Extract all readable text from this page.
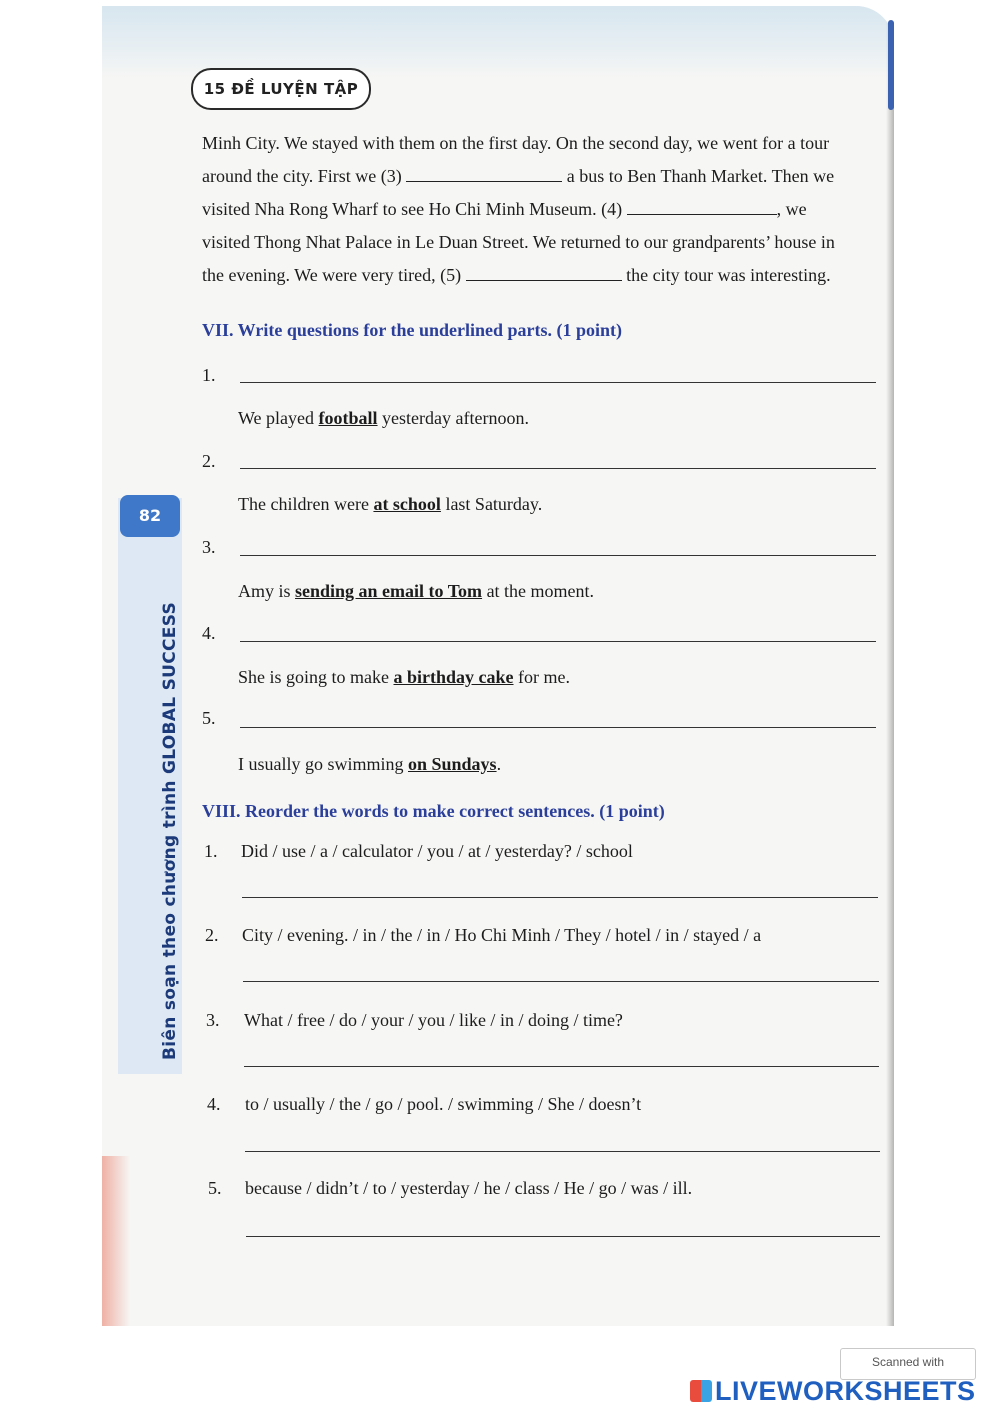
15 ĐỀ LUYỆN TẬP
Minh City. We stayed with them on the first day. On the second day, we went for a tour
around the city. First we (3)	a bus to Ben Thanh Market. Then we
visited Nha Rong Wharf to see Ho Chi Minh Museum. (4)	, we
visited Thong Nhat Palace in Le Duan Street. We returned to our grandparents’ house in
the evening. We were very tired, (5)	the city tour was interesting.
VII. Write questions for the underlined parts. (1 point)
1.
We played football yesterday afternoon.
2.
The children were at school last Saturday.
3.
Amy is sending an email to Tom at the moment.
4.
She is going to make a birthday cake for me.
5.
I usually go swimming on Sundays.
VIII. Reorder the words to make correct sentences. (1 point)
1. Did / use / a / calculator / you / at / yesterday? / school
2. City / evening. / in / the / in / Ho Chi Minh / They / hotel / in / stayed / a
3. What / free / do / your / you / like / in / doing / time?
4. to / usually / the / go / pool. / swimming / She / doesn’t
5. because / didn’t / to / yesterday / he / class / He / go / was / ill.
82
Biên soạn theo chương trình GLOBAL SUCCESS
Scanned with
LIVEWORKSHEETS
